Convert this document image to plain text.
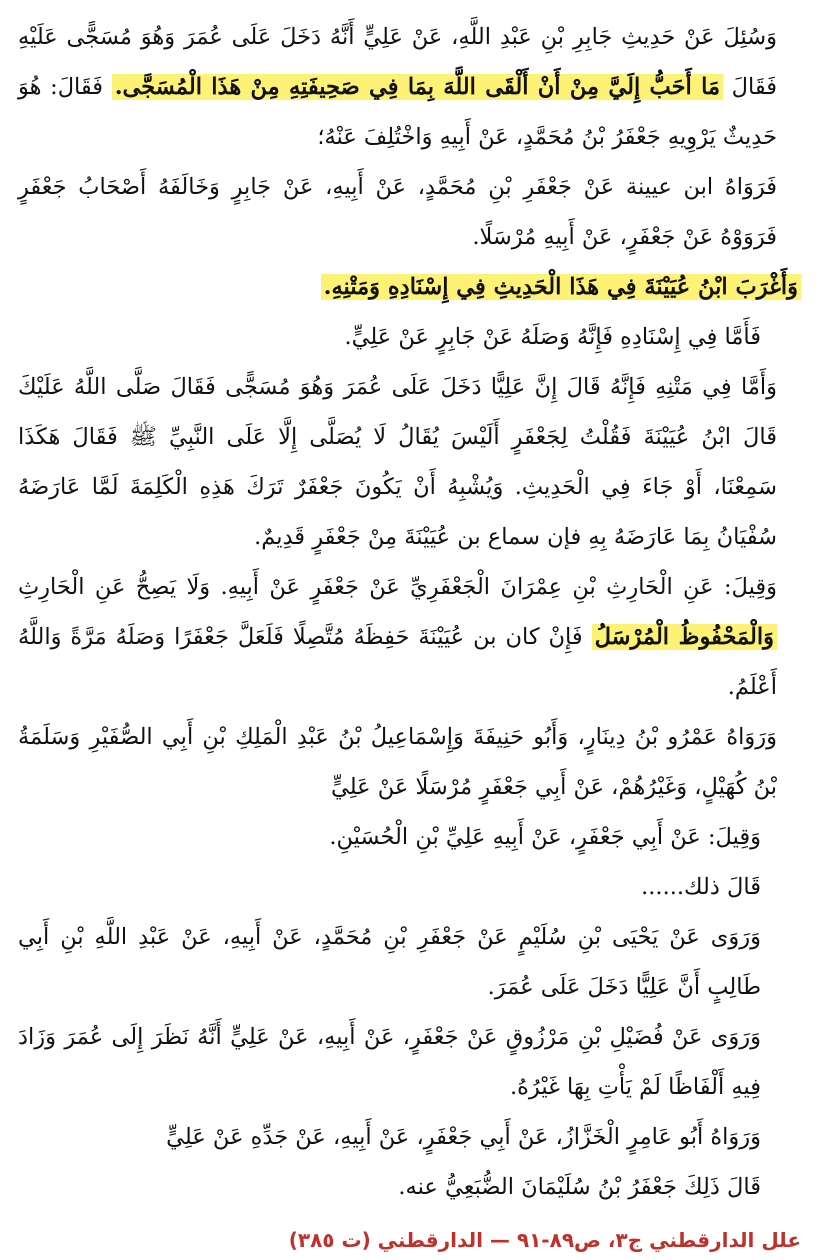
وَسُئِلَ عَنْ حَدِيثِ جَابِرِ بْنِ عَبْدِ اللَّهِ، عَنْ عَلِيٍّ أَنَّهُ دَخَلَ عَلَى عُمَرَ وَهُوَ مُسَجًّى عَلَيْهِ فَقَالَ مَا أَحَبُّ إِلَيَّ مِنْ أَنْ أَلْقَى اللَّهَ بِمَا فِي صَحِيفَتِهِ مِنْ هَذَا الْمُسَجَّى. فَقَالَ: هُوَ حَدِيثٌ يَرْوِيهِ جَعْفَرُ بْنُ مُحَمَّدٍ، عَنْ أَبِيهِ وَاخْتُلِفَ عَنْهُ؛

فَرَوَاهُ ابن عيينة عَنْ جَعْفَرِ بْنِ مُحَمَّدٍ، عَنْ أَبِيهِ، عَنْ جَابِرٍ وَخَالَفَهُ أَصْحَابُ جَعْفَرٍ فَرَوَوْهُ عَنْ جَعْفَرٍ، عَنْ أَبِيهِ مُرْسَلًا.

وَأَغْرَبَ ابْنُ عُيَيْنَةَ فِي هَذَا الْحَدِيثِ فِي إِسْنَادِهِ وَمَتْنِهِ.

فَأَمَّا فِي إِسْنَادِهِ فَإِنَّهُ وَصَلَهُ عَنْ جَابِرٍ عَنْ عَلِيٍّ.

وَأَمَّا فِي مَتْنِهِ فَإِنَّهُ قَالَ إِنَّ عَلِيًّا دَخَلَ عَلَى عُمَرَ وَهُوَ مُسَجًّى فَقَالَ صَلَّى اللَّهُ عَلَيْكَ قَالَ ابْنُ عُيَيْنَةَ فَقُلْتُ لِجَعْفَرٍ أَلَيْسَ يُقَالُ لَا يُصَلَّى إِلَّا عَلَى النَّبِيِّ ﷺ فَقَالَ هَكَذَا سَمِعْنَا، أَوْ جَاءَ فِي الْحَدِيثِ. وَيُشْبِهُ أَنْ يَكُونَ جَعْفَرٌ تَرَكَ هَذِهِ الْكَلِمَةَ لَمَّا عَارَضَهُ سُفْيَانُ بِمَا عَارَضَهُ بِهِ فإن سماع بن عُيَيْنَةَ مِنْ جَعْفَرٍ قَدِيمٌ.

وَقِيلَ: عَنِ الْحَارِثِ بْنِ عِمْرَانَ الْجَعْفَرِيِّ عَنْ جَعْفَرٍ عَنْ أَبِيهِ. وَلَا يَصِحُّ عَنِ الْحَارِثِ وَالْمَحْفُوظُ الْمُرْسَلُ فَإِنْ كان بن عُيَيْنَةَ حَفِظَهُ مُتَّصِلًا فَلَعَلَّ جَعْفَرًا وَصَلَهُ مَرَّةً وَاللَّهُ أَعْلَمُ.

وَرَوَاهُ عَمْرُو بْنُ دِينَارٍ، وَأَبُو حَنِيفَةَ وَإِسْمَاعِيلُ بْنُ عَبْدِ الْمَلِكِ بْنِ أَبِي الصُّفَيْرِ وَسَلَمَةُ بْنُ كُهَيْلٍ، وَغَيْرُهُمْ، عَنْ أَبِي جَعْفَرٍ مُرْسَلًا عَنْ عَلِيٍّ

وَقِيلَ: عَنْ أَبِي جَعْفَرٍ، عَنْ أَبِيهِ عَلِيِّ بْنِ الْحُسَيْنِ.

قَالَ ذلك......

وَرَوَى عَنْ يَحْيَى بْنِ سُلَيْمٍ عَنْ جَعْفَرِ بْنِ مُحَمَّدٍ، عَنْ أَبِيهِ، عَنْ عَبْدِ اللَّهِ بْنِ أَبِي طَالِبٍ أَنَّ عَلِيًّا دَخَلَ عَلَى عُمَرَ.

وَرَوَى عَنْ فُضَيْلِ بْنِ مَرْزُوقٍ عَنْ جَعْفَرٍ، عَنْ أَبِيهِ، عَنْ عَلِيٍّ أَنَّهُ نَظَرَ إِلَى عُمَرَ وَزَادَ فِيهِ أَلْفَاظًا لَمْ يَأْتِ بِهَا غَيْرُهُ.

وَرَوَاهُ أَبُو عَامِرٍ الْخَزَّازُ، عَنْ أَبِي جَعْفَرٍ، عَنْ أَبِيهِ، عَنْ جَدِّهِ عَنْ عَلِيٍّ

قَالَ ذَلِكَ جَعْفَرُ بْنُ سُلَيْمَانَ الضُّبَعِيُّ عنه.

علل الدارقطني ج٣، ص٨٩-٩١ — الدارقطني (ت ٣٨٥)
